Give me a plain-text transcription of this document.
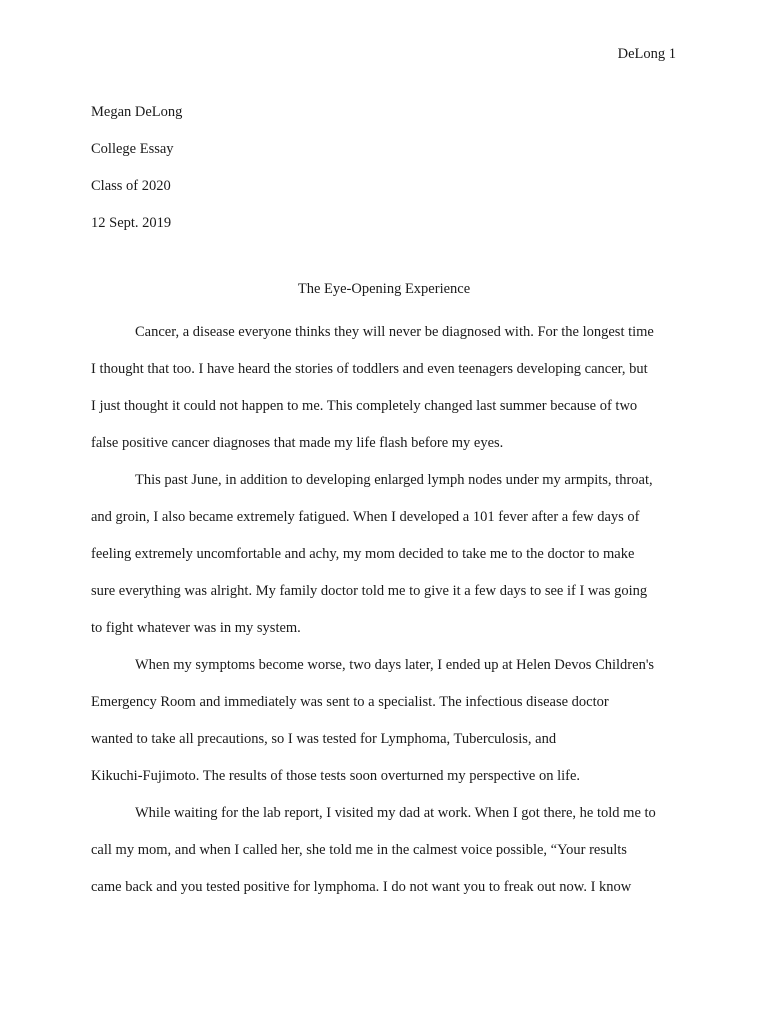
DeLong 1
Megan DeLong
College Essay
Class of 2020
12 Sept. 2019
The Eye-Opening Experience
Cancer, a disease everyone thinks they will never be diagnosed with. For the longest time
I thought that too. I have heard the stories of toddlers and even teenagers developing cancer, but
I just thought it could not happen to me. This completely changed last summer because of two
false positive cancer diagnoses that made my life flash before my eyes.
This past June, in addition to developing enlarged lymph nodes under my armpits, throat,
and groin, I also became extremely fatigued. When I developed a 101 fever after a few days of
feeling extremely uncomfortable and achy, my mom decided to take me to the doctor to make
sure everything was alright. My family doctor told me to give it a few days to see if I was going
to fight whatever was in my system.
When my symptoms become worse, two days later, I ended up at Helen Devos Children's
Emergency Room and immediately was sent to a specialist. The infectious disease doctor
wanted to take all precautions, so I was tested for Lymphoma, Tuberculosis, and
Kikuchi-Fujimoto. The results of those tests soon overturned my perspective on life.
While waiting for the lab report, I visited my dad at work. When I got there, he told me to
call my mom, and when I called her, she told me in the calmest voice possible, “Your results
came back and you tested positive for lymphoma. I do not want you to freak out now. I know
